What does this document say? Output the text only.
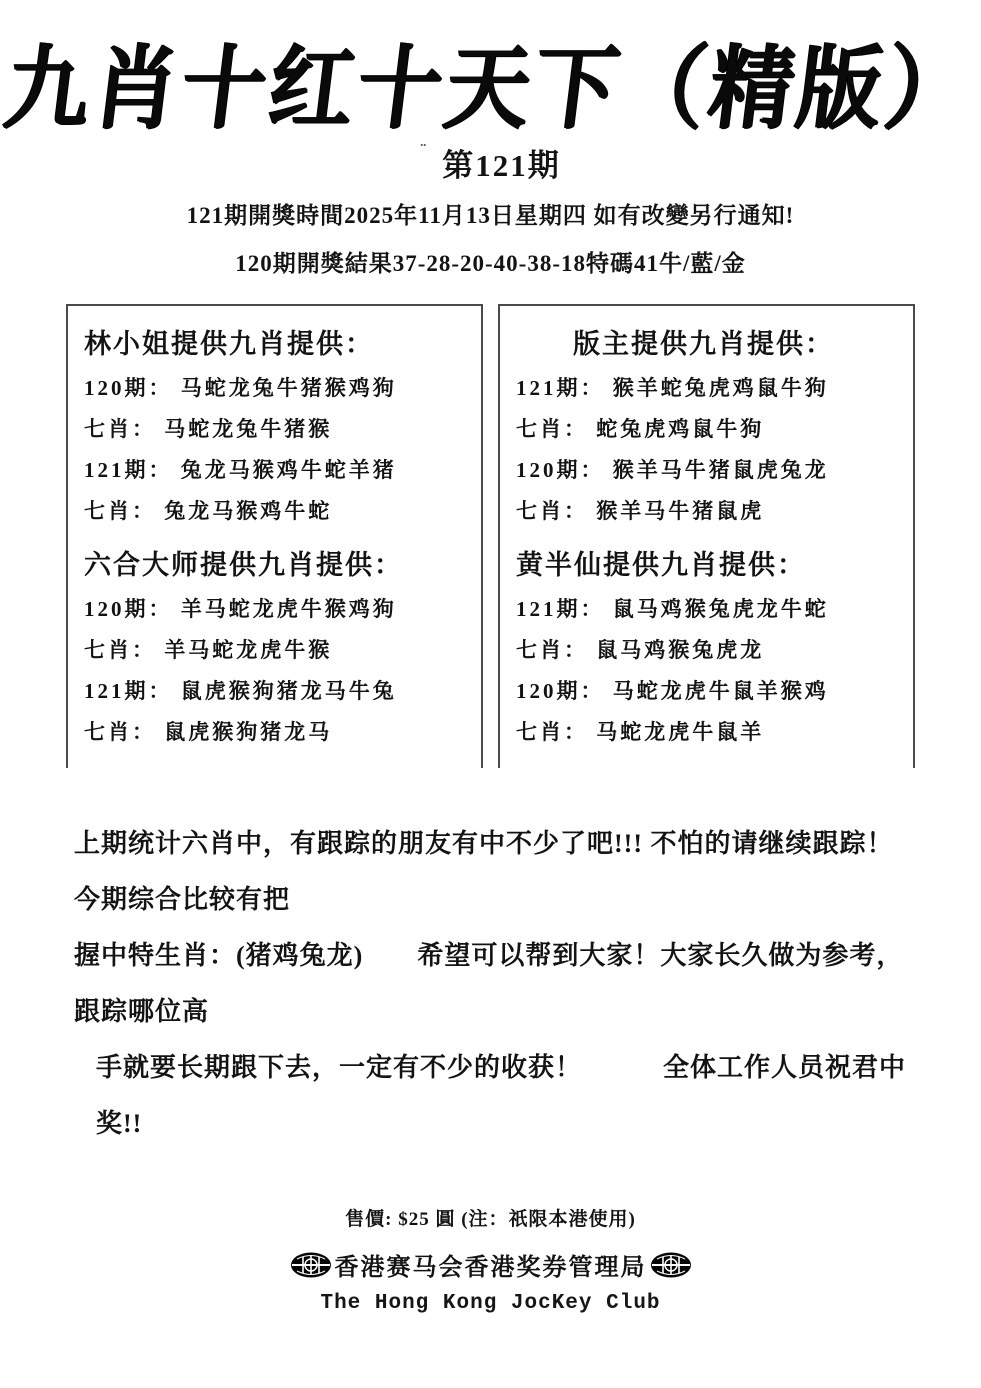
九肖十红十天下（精版）
¨ 第121期
121期開獎時間2025年11月13日星期四 如有改變另行通知!
120期開獎結果37-28-20-40-38-18特碼41牛/藍/金
林小姐提供九肖提供：
120期： 马蛇龙兔牛猪猴鸡狗
七肖： 马蛇龙兔牛猪猴
121期： 兔龙马猴鸡牛蛇羊猪
七肖： 兔龙马猴鸡牛蛇
六合大师提供九肖提供：
120期： 羊马蛇龙虎牛猴鸡狗
七肖： 羊马蛇龙虎牛猴
121期： 鼠虎猴狗猪龙马牛兔
七肖： 鼠虎猴狗猪龙马
版主提供九肖提供：
121期： 猴羊蛇兔虎鸡鼠牛狗
七肖： 蛇兔虎鸡鼠牛狗
120期： 猴羊马牛猪鼠虎兔龙
七肖： 猴羊马牛猪鼠虎
黄半仙提供九肖提供：
121期： 鼠马鸡猴兔虎龙牛蛇
七肖： 鼠马鸡猴兔虎龙
120期： 马蛇龙虎牛鼠羊猴鸡
七肖： 马蛇龙虎牛鼠羊
上期统计六肖中，有跟踪的朋友有中不少了吧!!! 不怕的请继续跟踪！今期综合比较有把
握中特生肖：(猪鸡兔龙)　　希望可以帮到大家！大家长久做为参考，跟踪哪位高
手就要长期跟下去，一定有不少的收获！　　　全体工作人员祝君中奖!!
售價: $25 圓 (注：祇限本港使用)
香港赛马会香港奖券管理局
The Hong Kong JocKey Club
